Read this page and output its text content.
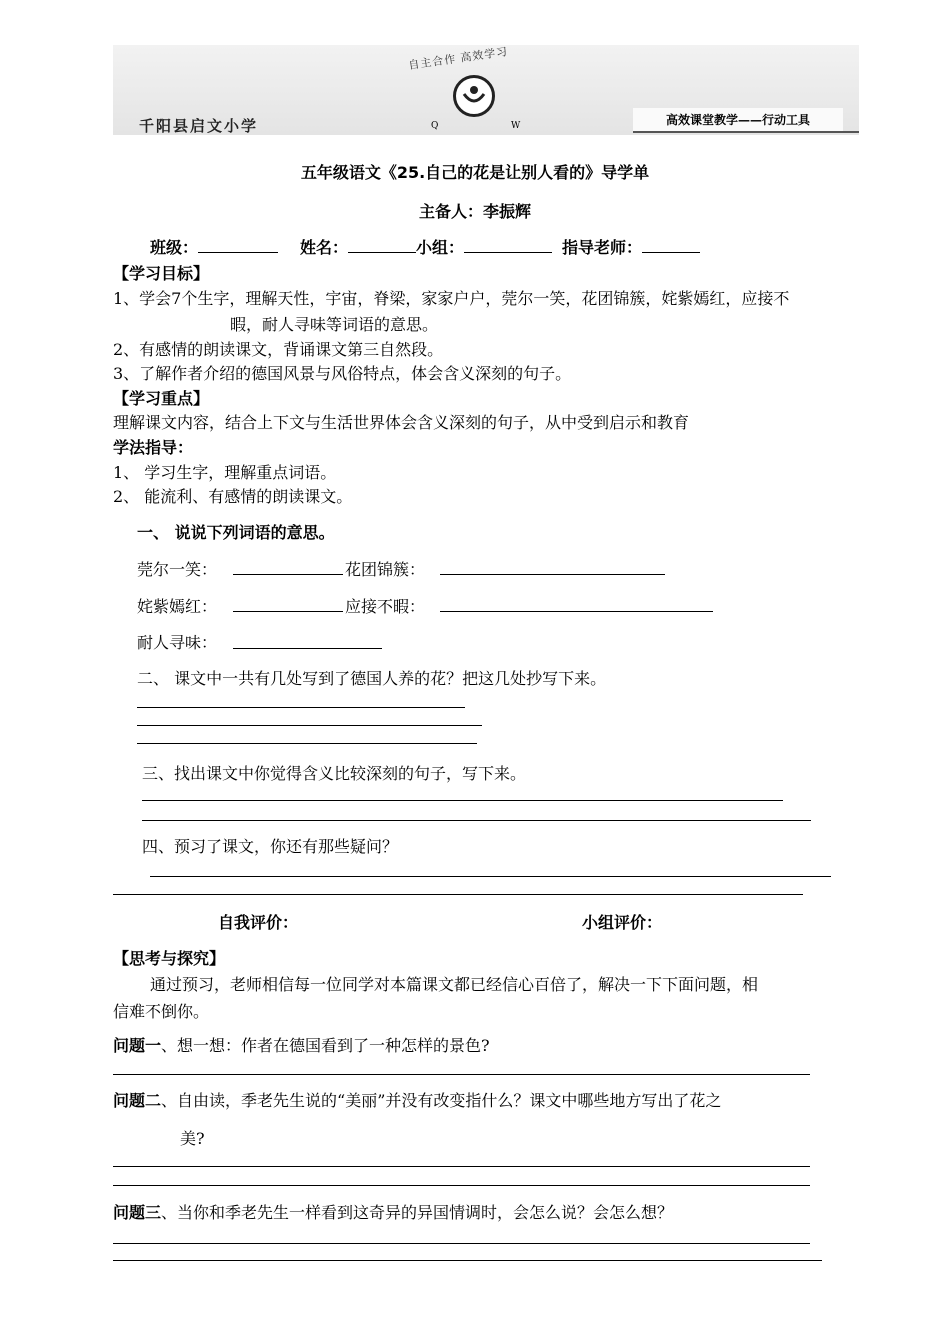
自主合作 高效学习
Q	W
千阳县启文小学	高效课堂教学——行动工具
五年级语文《25.自己的花是让别人看的》导学单
主备人：李振辉
班级：	姓名：	小组：	指导老师：
【学习目标】
1、学会7个生字，理解天性，宇宙，脊梁，家家户户，莞尔一笑，花团锦簇，姹紫嫣红，应接不
暇，耐人寻味等词语的意思。
2、有感情的朗读课文，背诵课文第三自然段。
3、了解作者介绍的德国风景与风俗特点，体会含义深刻的句子。
【学习重点】
理解课文内容，结合上下文与生活世界体会含义深刻的句子，从中受到启示和教育
学法指导：
1、 学习生字，理解重点词语。
2、 能流利、有感情的朗读课文。
一、 说说下列词语的意思。
莞尔一笑：	花团锦簇：
姹紫嫣红：	应接不暇：
耐人寻味：
二、 课文中一共有几处写到了德国人养的花？把这几处抄写下来。
三、找出课文中你觉得含义比较深刻的句子，写下来。
四、预习了课文，你还有那些疑问？
自我评价：	小组评价：
【思考与探究】
通过预习，老师相信每一位同学对本篇课文都已经信心百倍了，解决一下下面问题，相
信难不倒你。
问题一、想一想：作者在德国看到了一种怎样的景色?
问题二、自由读，季老先生说的“美丽”并没有改变指什么？课文中哪些地方写出了花之
美?
问题三、当你和季老先生一样看到这奇异的异国情调时，会怎么说？会怎么想？
